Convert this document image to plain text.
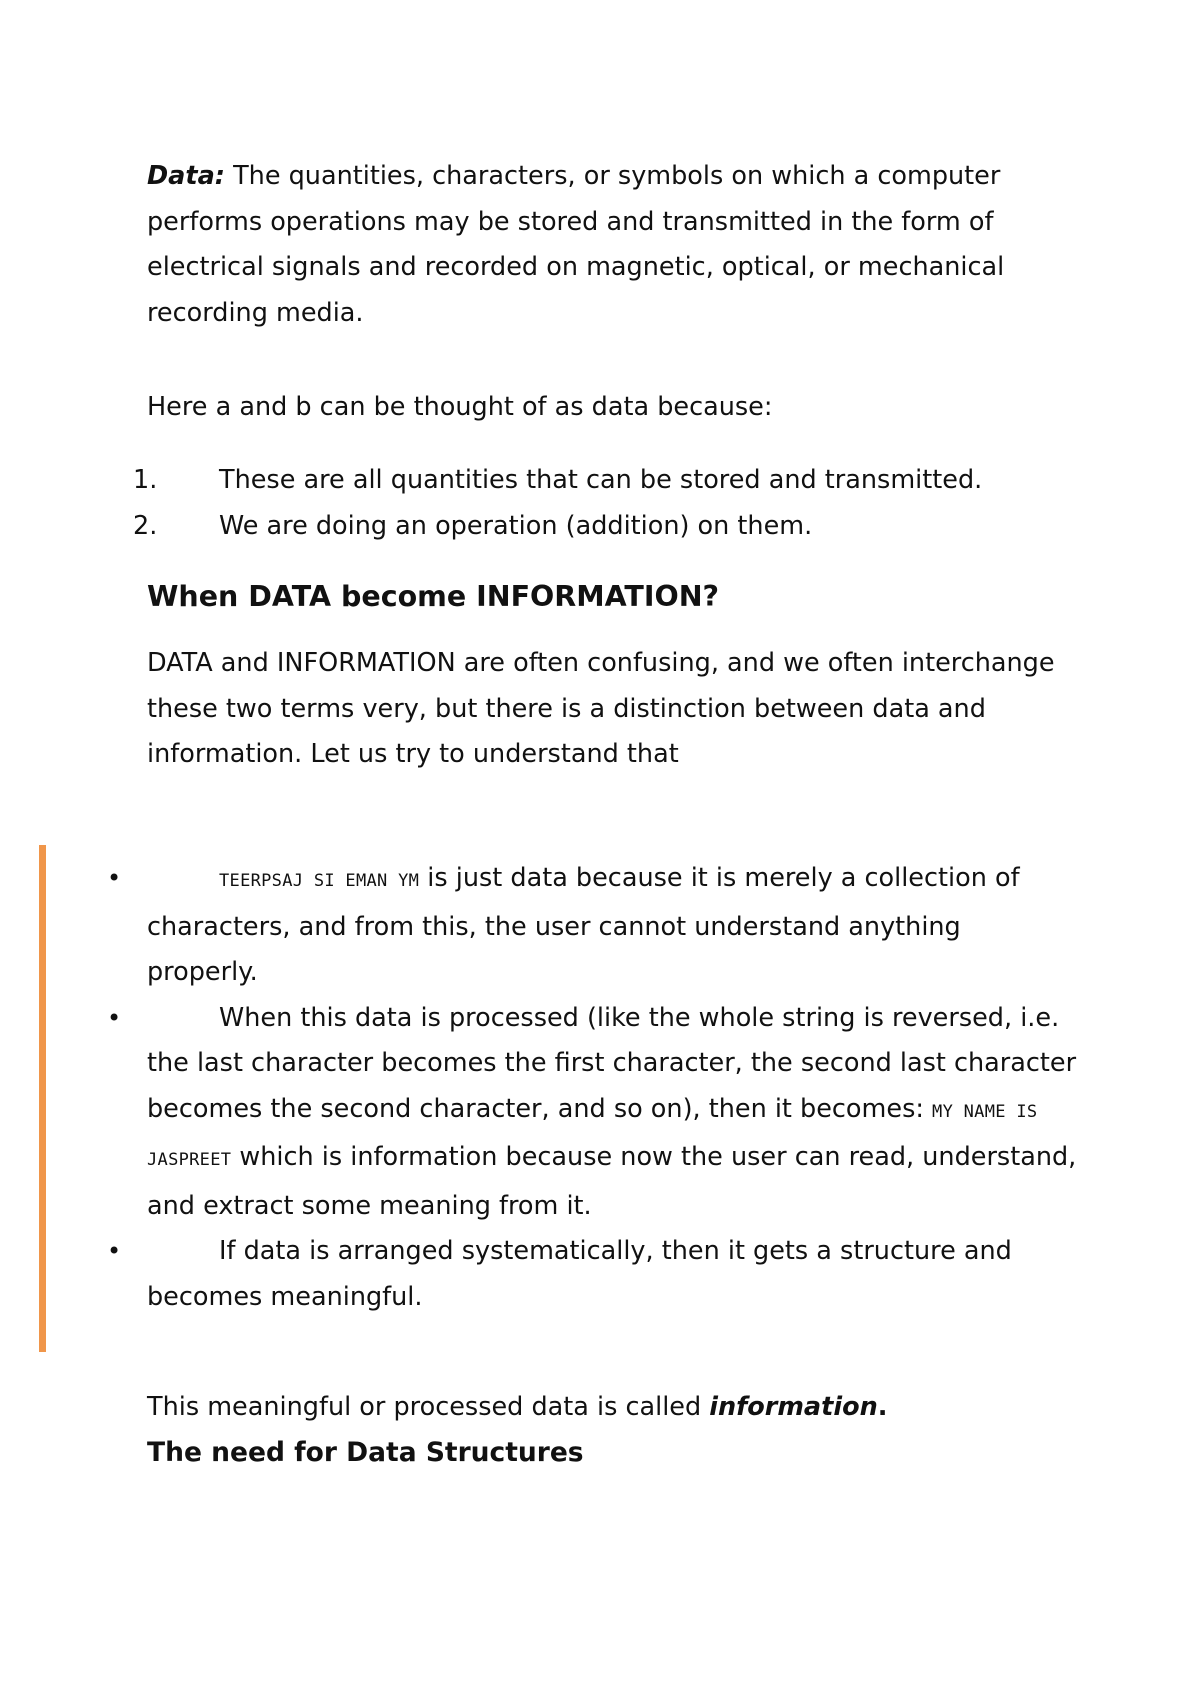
Data: The quantities, characters, or symbols on which a computer performs operations may be stored and transmitted in the form of electrical signals and recorded on magnetic, optical, or mechanical recording media.

Here a and b can be thought of as data because:

1. These are all quantities that can be stored and transmitted.
2. We are doing an operation (addition) on them.
When DATA become INFORMATION?

DATA and INFORMATION are often confusing, and we often interchange these two terms very, but there is a distinction between data and information. Let us try to understand that

•	TEERPSAJ SI EMAN YM is just data because it is merely a collection of characters, and from this, the user cannot understand anything properly.
•	When this data is processed (like the whole string is reversed, i.e. the last character becomes the first character, the second last character becomes the second character, and so on), then it becomes: MY NAME IS JASPREET which is information because now the user can read, understand, and extract some meaning from it.
•	If data is arranged systematically, then it gets a structure and becomes meaningful.

This meaningful or processed data is called information.

The need for Data Structures
